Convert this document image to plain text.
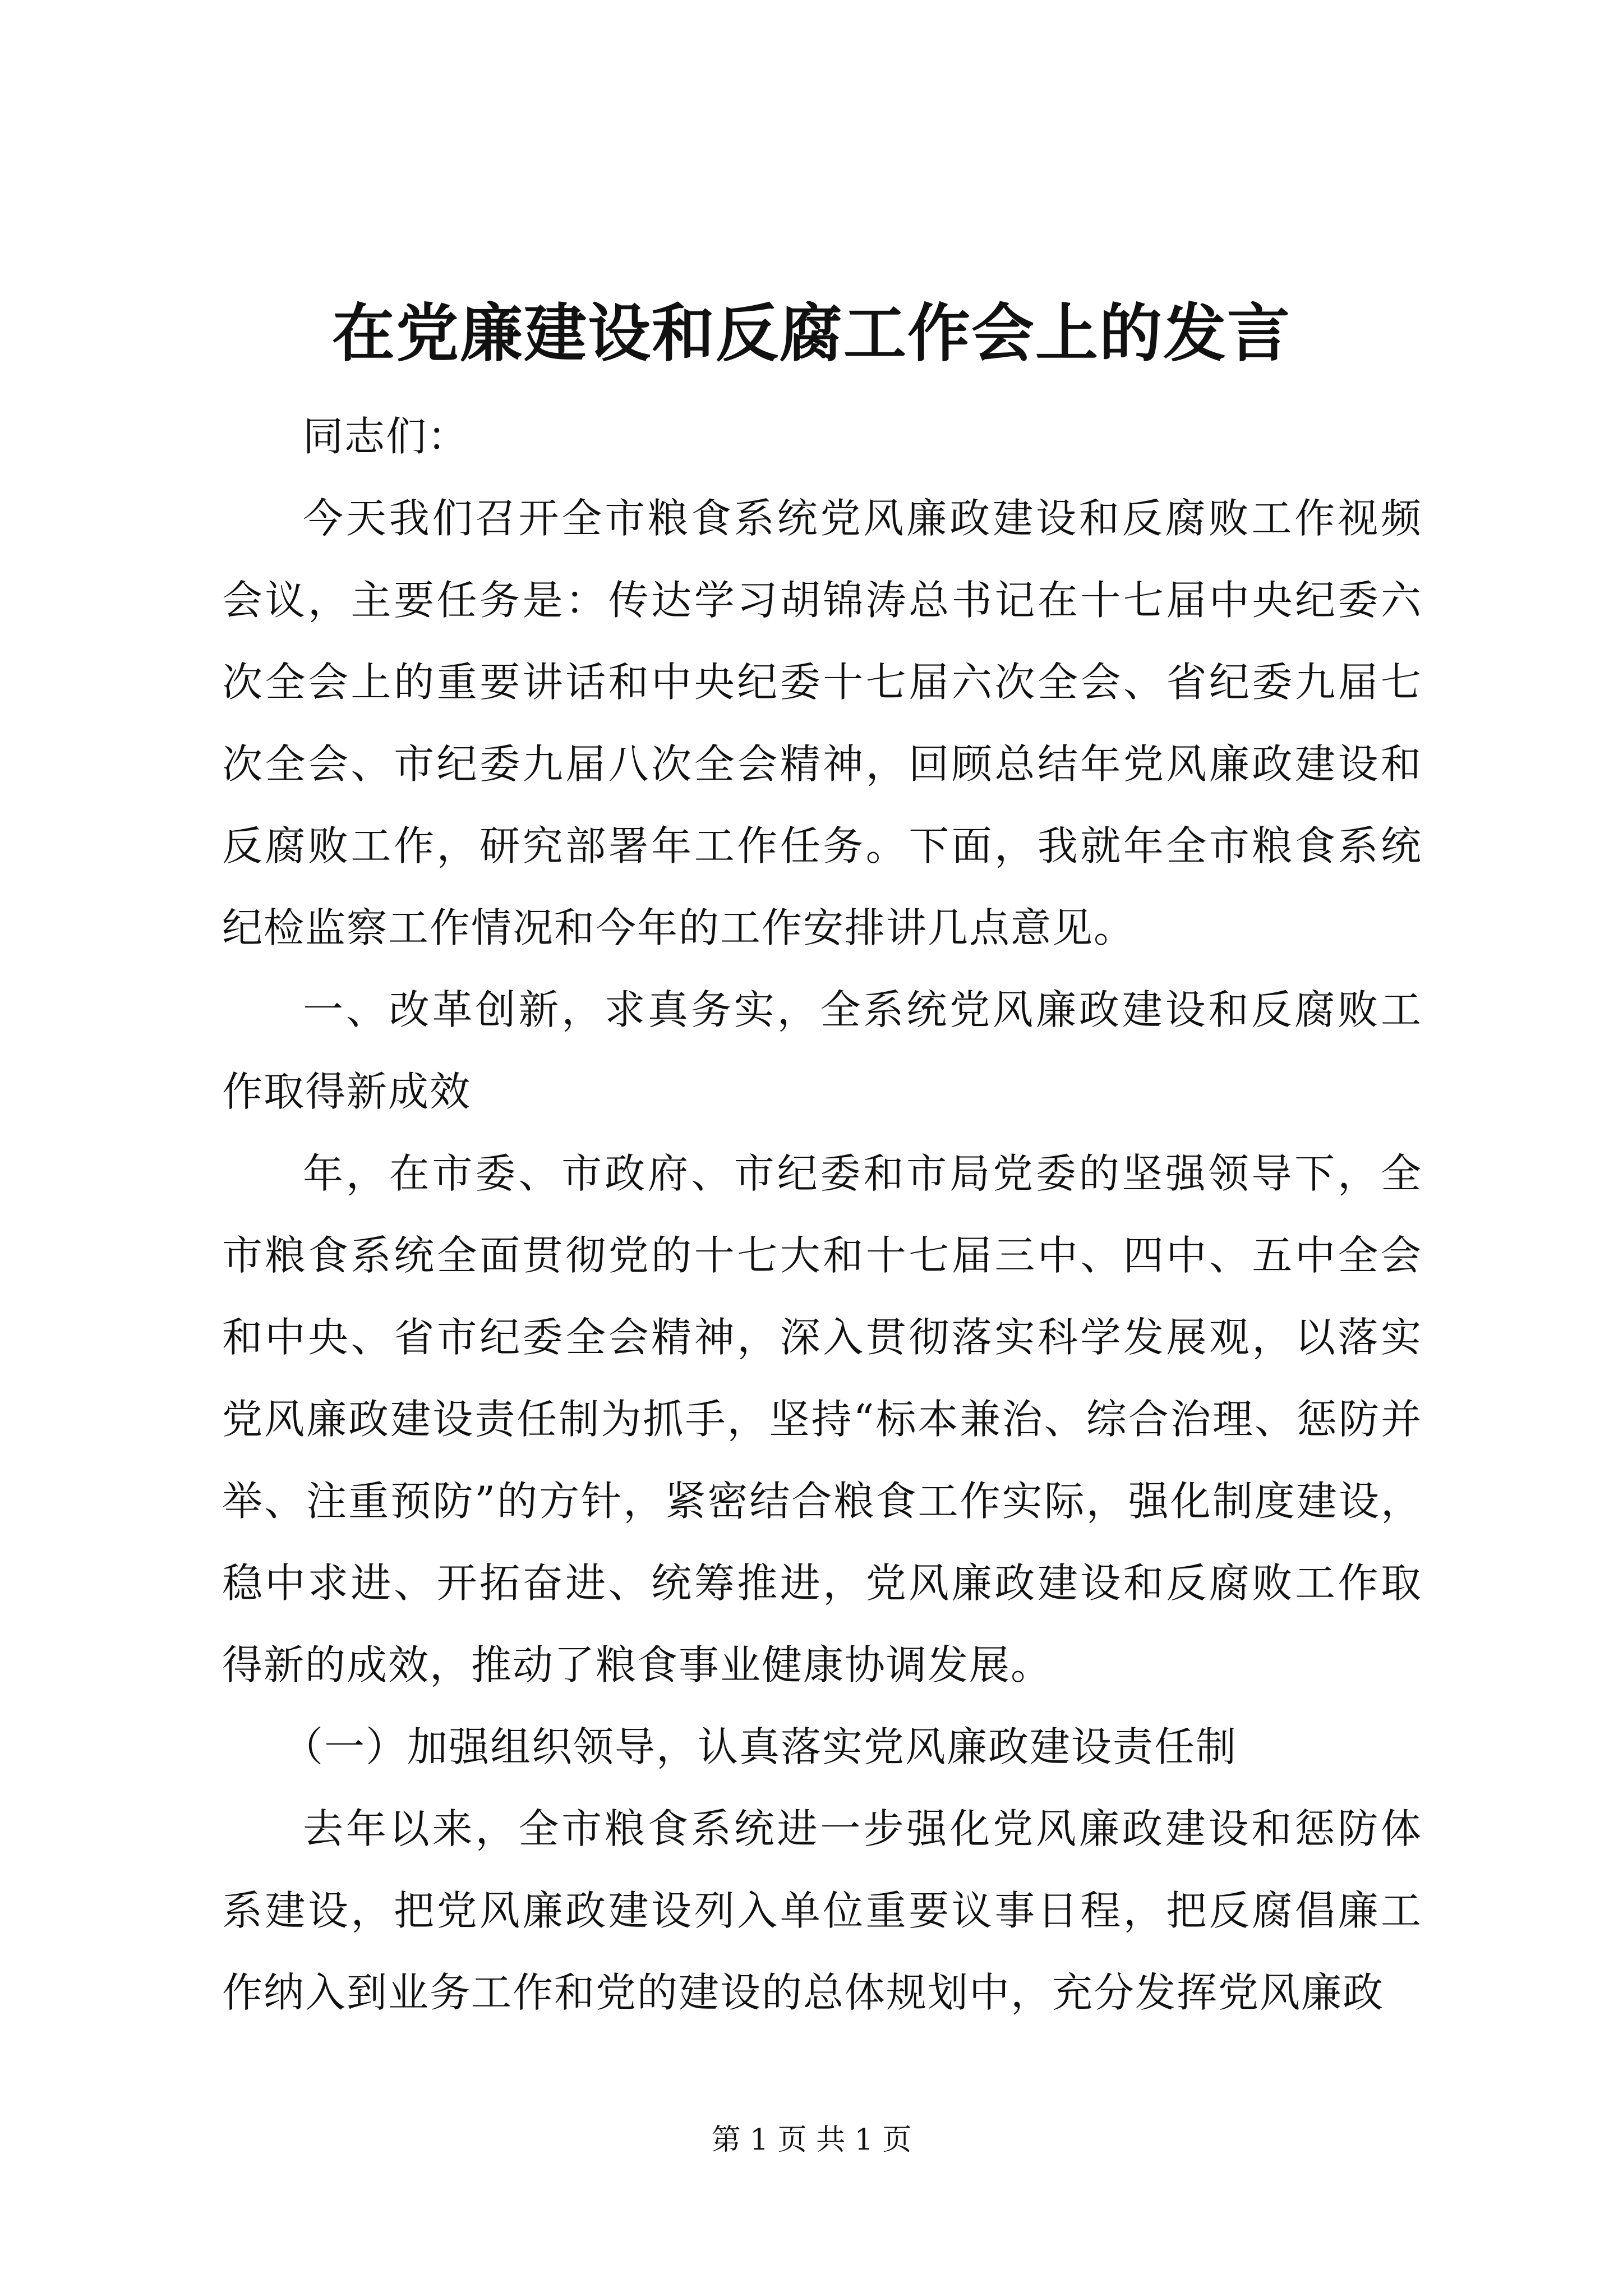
在党廉建设和反腐工作会上的发言

同志们：

今天我们召开全市粮食系统党风廉政建设和反腐败工作视频会议，主要任务是：传达学习胡锦涛总书记在十七届中央纪委六次全会上的重要讲话和中央纪委十七届六次全会、省纪委九届七次全会、市纪委九届八次全会精神，回顾总结年党风廉政建设和反腐败工作，研究部署年工作任务。下面，我就年全市粮食系统纪检监察工作情况和今年的工作安排讲几点意见。

一、改革创新，求真务实，全系统党风廉政建设和反腐败工作取得新成效

年，在市委、市政府、市纪委和市局党委的坚强领导下，全市粮食系统全面贯彻党的十七大和十七届三中、四中、五中全会和中央、省市纪委全会精神，深入贯彻落实科学发展观，以落实党风廉政建设责任制为抓手，坚持“标本兼治、综合治理、惩防并举、注重预防”的方针，紧密结合粮食工作实际，强化制度建设，稳中求进、开拓奋进、统筹推进，党风廉政建设和反腐败工作取得新的成效，推动了粮食事业健康协调发展。

（一）加强组织领导，认真落实党风廉政建设责任制

去年以来，全市粮食系统进一步强化党风廉政建设和惩防体系建设，把党风廉政建设列入单位重要议事日程，把反腐倡廉工作纳入到业务工作和党的建设的总体规划中，充分发挥党风廉政

第 1 页 共 1 页
